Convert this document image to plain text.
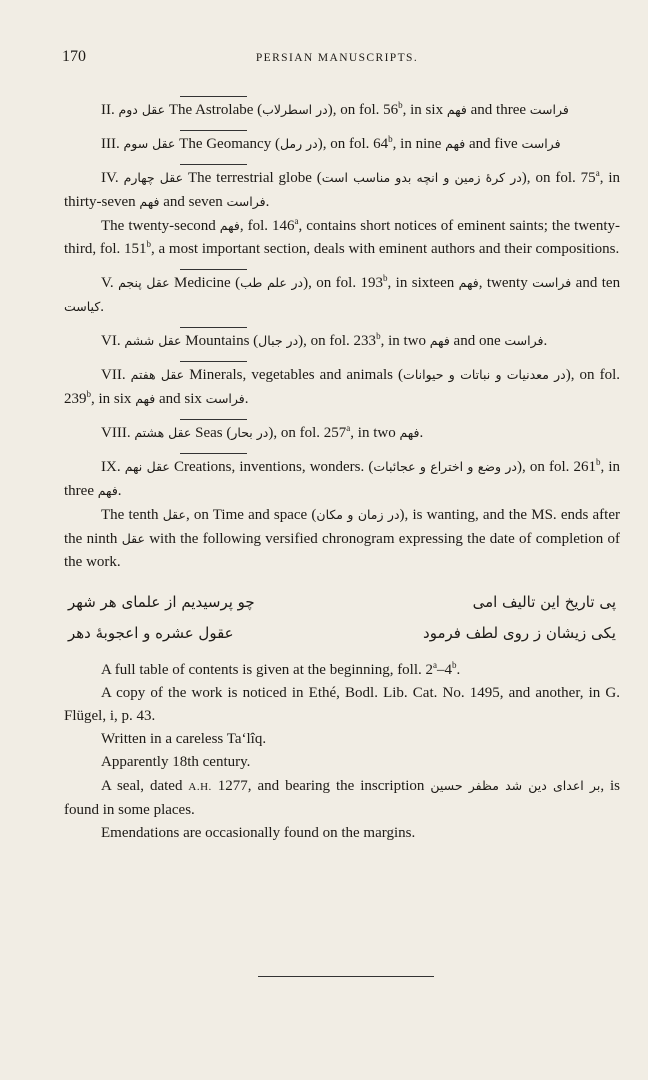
170	PERSIAN MANUSCRIPTS.

II. عقل دوم The Astrolabe (در اسطرلاب), on fol. 56$^b$, in six فهم and three فراست

III. عقل سوم The Geomancy (در رمل), on fol. 64$^b$, in nine فهم and five فراست

IV. عقل چهارم The terrestrial globe (در كرهٔ زمين و انچه بدو مناسب است), on fol. 75$^a$, in thirty-seven فهم and seven فراست.

The twenty-second فهم, fol. 146$^a$, contains short notices of eminent saints; the twenty-third, fol. 151$^b$, a most important section, deals with eminent authors and their compositions.

V. عقل پنجم Medicine (در علم طب), on fol. 193$^b$, in sixteen فهم, twenty فراست and ten كياست.

VI. عقل ششم Mountains (در جبال), on fol. 233$^b$, in two فهم and one فراست.

VII. عقل هفتم Minerals, vegetables and animals (در معدنيات و نباتات و حيوانات), on fol. 239$^b$, in six فهم and six فراست.

VIII. عقل هشتم Seas (در بحار), on fol. 257$^a$, in two فهم.

IX. عقل نهم Creations, inventions, wonders. (در وضع و اختراع و عجائبات), on fol. 261$^b$, in three فهم.

The tenth عقل, on Time and space (در زمان و مكان), is wanting, and the MS. ends after the ninth عقل with the following versified chronogram expressing the date of completion of the work.

پی تاریخ این تالیف امی
چو پرسیدیم از علمای هر شهر
یکی زیشان ز روی لطف فرمود
عقول عشره و اعجوبهٔ دهر

A full table of contents is given at the beginning, foll. 2$^a$–4$^b$.

A copy of the work is noticed in Ethé, Bodl. Lib. Cat. No. 1495, and another, in G. Flügel, i, p. 43.

Written in a careless Ta‘lîq.

Apparently 18th century.

A seal, dated A.H. 1277, and bearing the inscription بر اعدای دین شد مظفر حسین, is found in some places.

Emendations are occasionally found on the margins.
